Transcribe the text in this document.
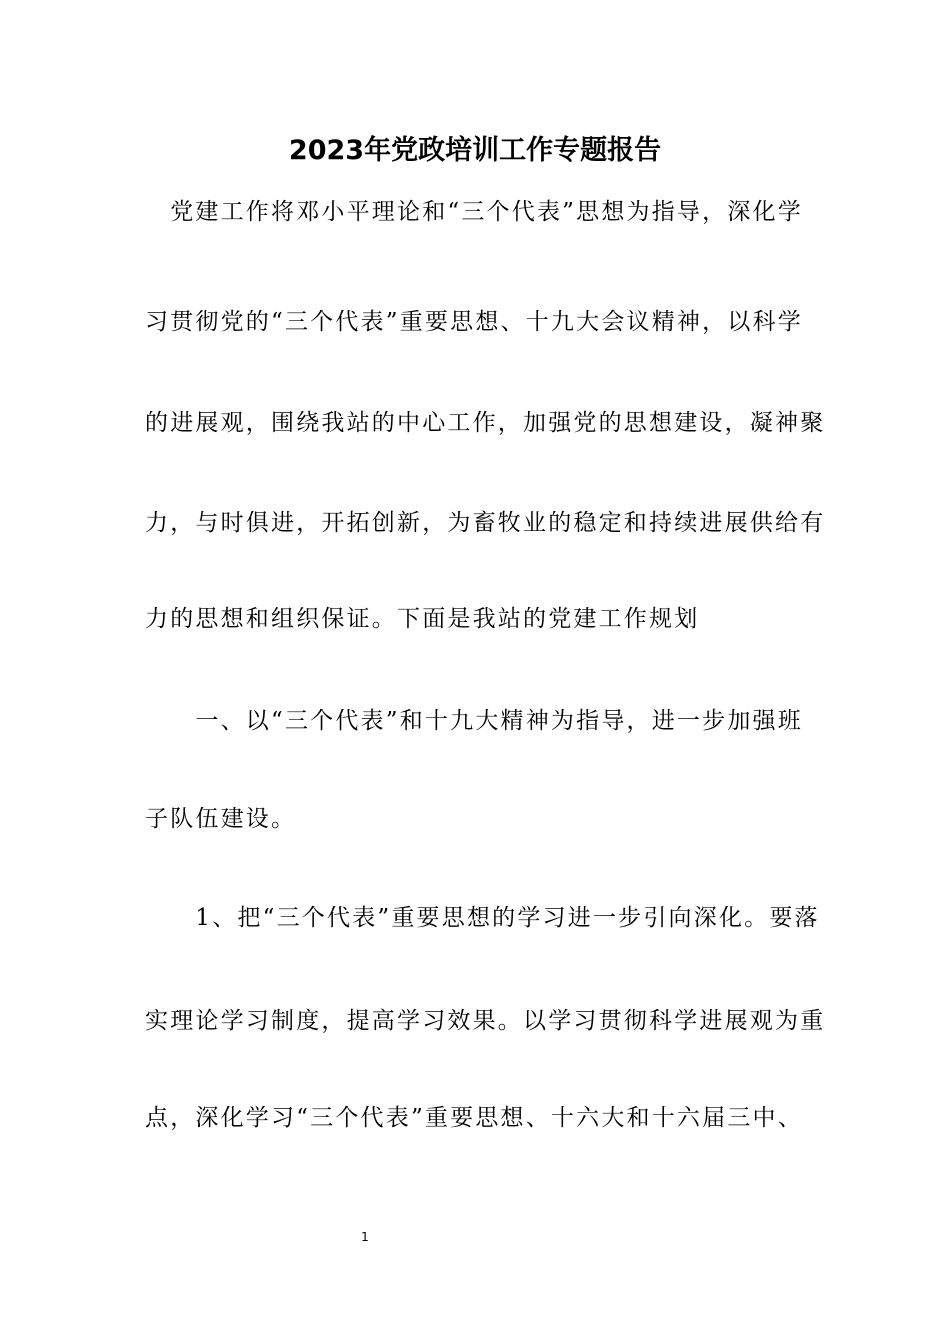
2023年党政培训工作专题报告
　党建工作将邓小平理论和“三个代表”思想为指导，深化学
习贯彻党的“三个代表”重要思想、十九大会议精神，以科学
的进展观，围绕我站的中心工作，加强党的思想建设，凝神聚
力，与时俱进，开拓创新，为畜牧业的稳定和持续进展供给有
力的思想和组织保证。下面是我站的党建工作规划
　　一、以“三个代表”和十九大精神为指导，进一步加强班
子队伍建设。
　　1、把“三个代表”重要思想的学习进一步引向深化。要落
实理论学习制度，提高学习效果。以学习贯彻科学进展观为重
点，深化学习“三个代表”重要思想、十六大和十六届三中、
1
